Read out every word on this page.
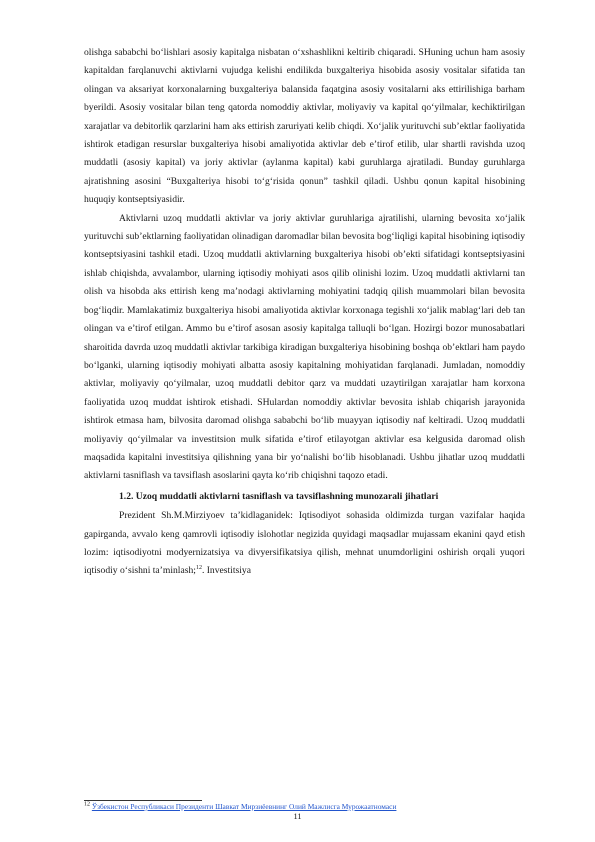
olishga sababchi bo‘lishlari asosiy kapitalga nisbatan o‘xshashlikni keltirib chiqaradi. SHuning uchun ham asosiy kapitaldan farqlanuvchi aktivlarni vujudga kelishi endilikda buxgalteriya hisobida asosiy vositalar sifatida tan olingan va aksariyat korxonalarning buxgalteriya balansida faqatgina asosiy vositalarni aks ettirilishiga barham byerildi. Asosiy vositalar bilan teng qatorda nomoddiy aktivlar, moliyaviy va kapital qo‘yilmalar, kechiktirilgan xarajatlar va debitorlik qarzlarini ham aks ettirish zaruriyati kelib chiqdi. Xo‘jalik yurituvchi sub’ektlar faoliyatida ishtirok etadigan resurslar buxgalteriya hisobi amaliyotida aktivlar deb e’tirof etilib, ular shartli ravishda uzoq muddatli (asosiy kapital) va joriy aktivlar (aylanma kapital) kabi guruhlarga ajratiladi. Bunday guruhlarga ajratishning asosini “Buxgalteriya hisobi to‘g‘risida qonun” tashkil qiladi. Ushbu qonun kapital hisobining huquqiy kontseptsiyasidir.

Aktivlarni uzoq muddatli aktivlar va joriy aktivlar guruhlariga ajratilishi, ularning bevosita xo‘jalik yurituvchi sub’ektlarning faoliyatidan olinadigan daromadlar bilan bevosita bog‘liqligi kapital hisobining iqtisodiy kontseptsiyasini tashkil etadi. Uzoq muddatli aktivlarning buxgalteriya hisobi ob’ekti sifatidagi kontseptsiyasini ishlab chiqishda, avvalambor, ularning iqtisodiy mohiyati asos qilib olinishi lozim. Uzoq muddatli aktivlarni tan olish va hisobda aks ettirish keng ma’nodagi aktivlarning mohiyatini tadqiq qilish muammolari bilan bevosita bog‘liqdir. Mamlakatimiz buxgalteriya hisobi amaliyotida aktivlar korxonaga tegishli xo‘jalik mablag‘lari deb tan olingan va e’tirof etilgan. Ammo bu e’tirof asosan asosiy kapitalga talluqli bo‘lgan. Hozirgi bozor munosabatlari sharoitida davrda uzoq muddatli aktivlar tarkibiga kiradigan buxgalteriya hisobining boshqa ob’ektlari ham paydo bo‘lganki, ularning iqtisodiy mohiyati albatta asosiy kapitalning mohiyatidan farqlanadi. Jumladan, nomoddiy aktivlar, moliyaviy qo‘yilmalar, uzoq muddatli debitor qarz va muddati uzaytirilgan xarajatlar ham korxona faoliyatida uzoq muddat ishtirok etishadi. SHulardan nomoddiy aktivlar bevosita ishlab chiqarish jarayonida ishtirok etmasa ham, bilvosita daromad olishga sababchi bo‘lib muayyan iqtisodiy naf keltiradi. Uzoq muddatli moliyaviy qo‘yilmalar va investitsion mulk sifatida e’tirof etilayotgan aktivlar esa kelgusida daromad olish maqsadida kapitalni investitsiya qilishning yana bir yo‘nalishi bo‘lib hisoblanadi. Ushbu jihatlar uzoq muddatli aktivlarni tasniflash va tavsiflash asoslarini qayta ko‘rib chiqishni taqozo etadi.

1.2. Uzoq muddatli aktivlarni tasniflash va tavsiflashning munozarali jihatlari

Prezident Sh.M.Mirziyoev ta’kidlaganidek: Iqtisodiyot sohasida oldimizda turgan vazifalar haqida gapirganda, avvalo keng qamrovli iqtisodiy islohotlar negizida quyidagi maqsadlar mujassam ekanini qayd etish lozim: iqtisodiyotni modyernizatsiya va divyersifikatsiya qilish, mehnat unumdorligini oshirish orqali yuqori iqtisodiy o‘sishni ta’minlash;$^{12}$. Investitsiya

$^{12}$ Ўзбекистон Республикаси Президенти Шавкат Мирзиёевнинг Олий Мажлисга Мурожаатномаси
11
